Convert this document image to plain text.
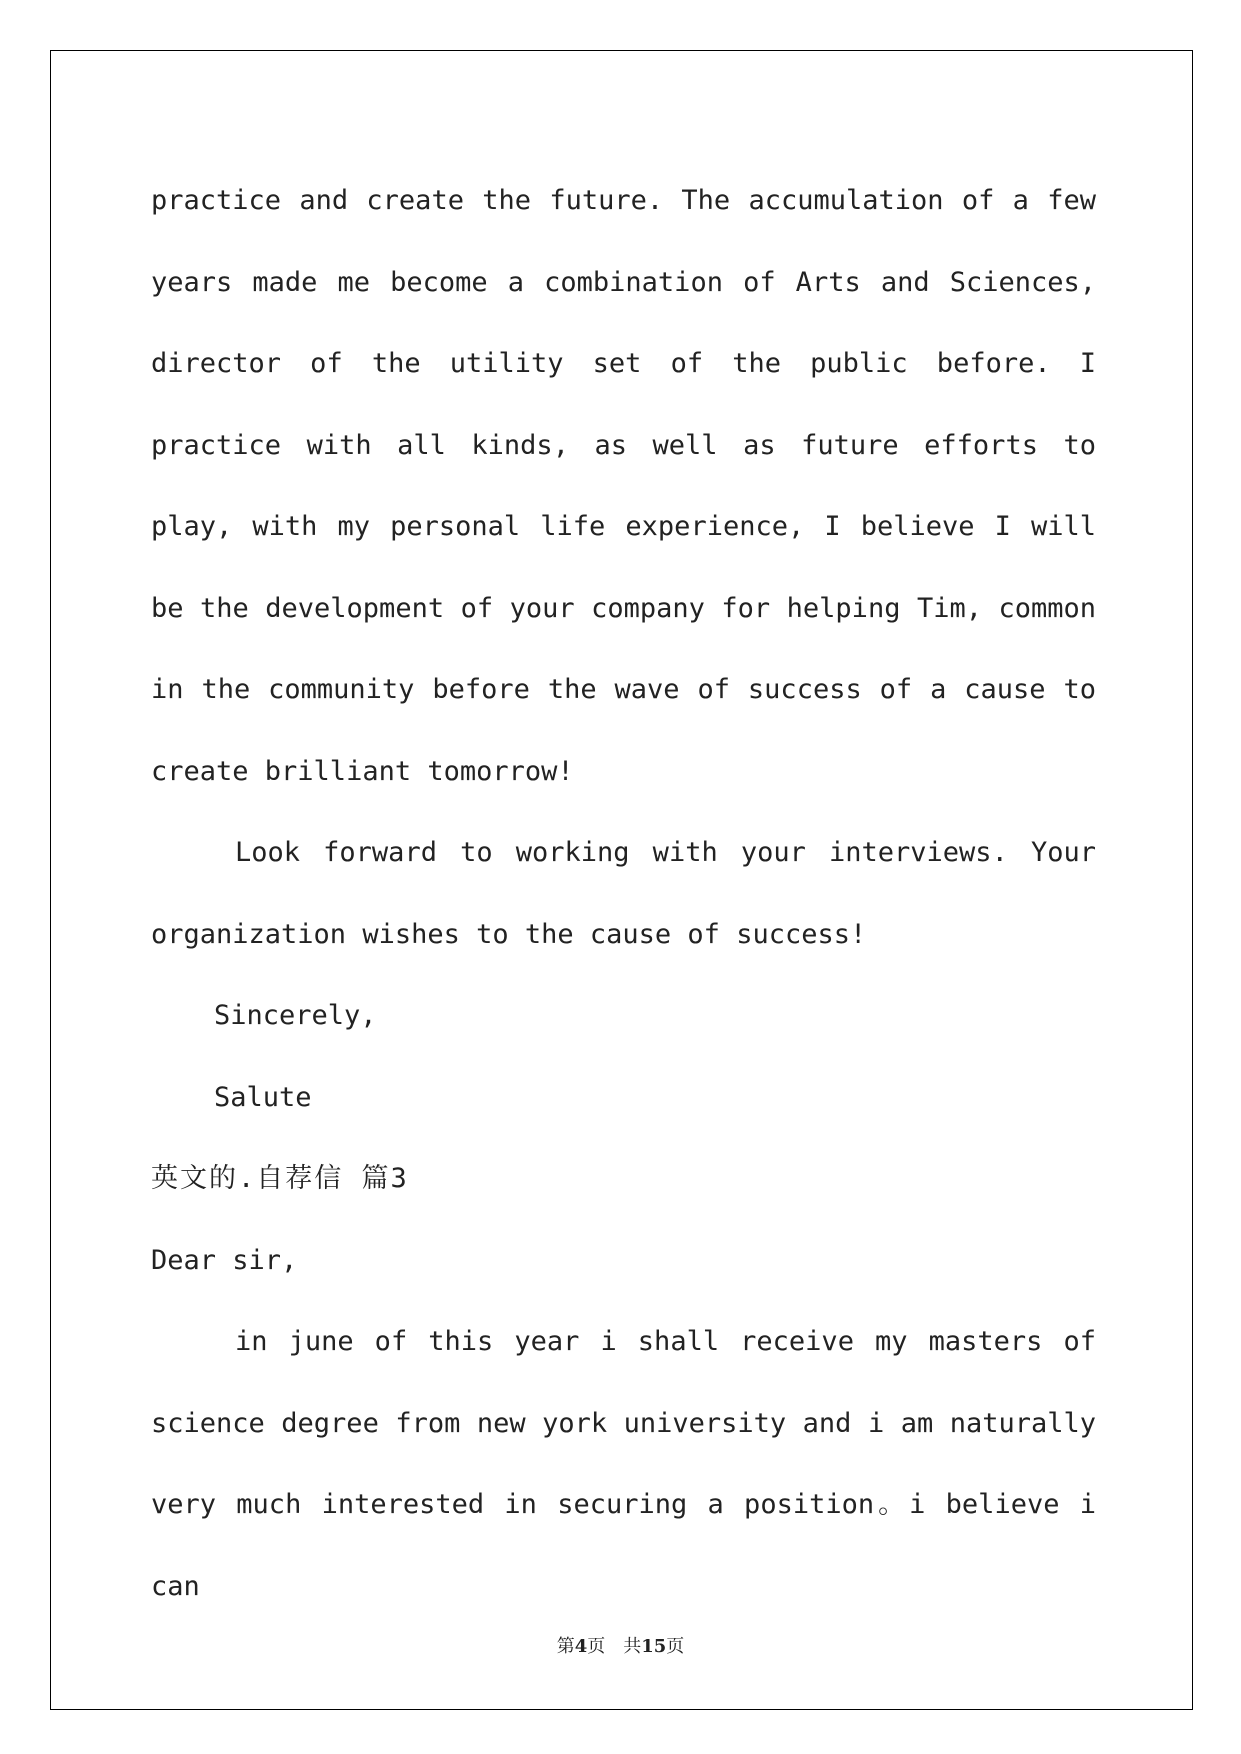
practice and create the future. The accumulation of a few years made me become a combination of Arts and Sciences, director of the utility set of the public before. I practice with all kinds, as well as future efforts to play, with my personal life experience, I believe I will be the development of your company for helping Tim, common in the community before the wave of success of a cause to create brilliant tomorrow!

Look forward to working with your interviews. Your organization wishes to the cause of success!

Sincerely,

Salute

英文的.自荐信 篇3

Dear sir,

in june of this year i shall receive my masters of science degree from new york university and i am naturally very much interested in securing a position。i believe i can

第4页 共15页
